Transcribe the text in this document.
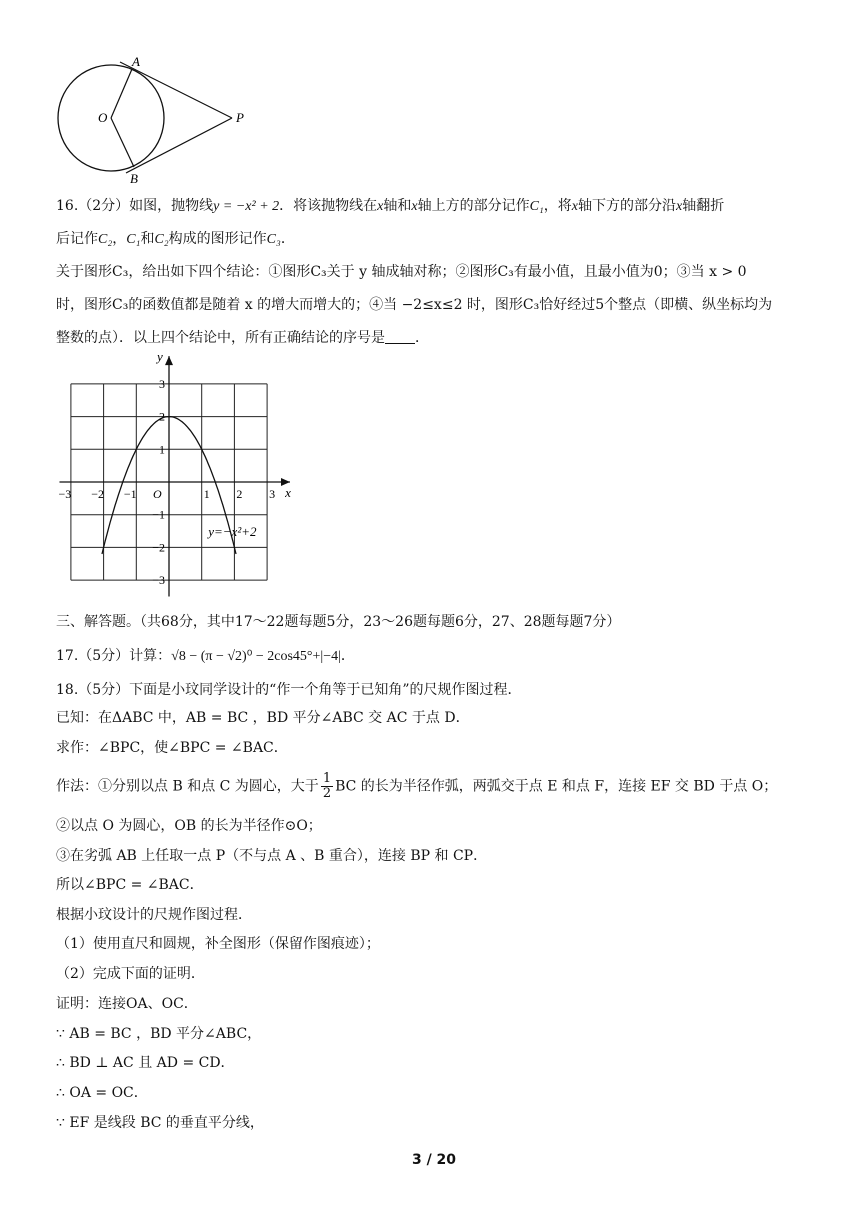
A
O	P
B
16.（2分）如图，抛物线y = −x² + 2．将该抛物线在x轴和x轴上方的部分记作C₁，将x轴下方的部分沿x轴翻折
后记作C₂，C₁和C₂构成的图形记作C₃．
关于图形C₃，给出如下四个结论：①图形C₃关于 y 轴成轴对称；②图形C₃有最小值，且最小值为0；③当 x > 0
时，图形C₃的函数值都是随着 x 的增大而增大的；④当 −2≤x≤2 时，图形C₃恰好经过5个整点（即横、纵坐标均为
整数的点）．以上四个结论中，所有正确结论的序号是 ．
−3 −2 −1	1 2 3
3
2
1
−1
−2
−3
O	x
y
y=−x²+2
三、解答题。（共68分，其中17～22题每题5分，23～26题每题6分，27、28题每题7分）
17.（5分）计算：√8 − (π − √2)⁰ − 2cos45°+|−4|．
18.（5分）下面是小玟同学设计的“作一个角等于已知角”的尺规作图过程．
已知：在ΔABC 中，AB = BC ，BD 平分∠ABC 交 AC 于点 D．
求作：∠BPC，使∠BPC = ∠BAC．
作法：①分别以点 B 和点 C 为圆心，大于 $\frac{1}{2}$ BC 的长为半径作弧，两弧交于点 E 和点 F，连接 EF 交 BD 于点 O；
②以点 O 为圆心，OB 的长为半径作⊙O；
③在劣弧 AB 上任取一点 P（不与点 A 、B 重合），连接 BP 和 CP．
所以∠BPC = ∠BAC．
根据小玟设计的尺规作图过程．
（1）使用直尺和圆规，补全图形（保留作图痕迹）；
（2）完成下面的证明．
证明：连接OA、OC．
∵ AB = BC ，BD 平分∠ABC，
∴ BD ⊥ AC 且 AD = CD．
∴ OA = OC．
∵ EF 是线段 BC 的垂直平分线，
3 / 20
